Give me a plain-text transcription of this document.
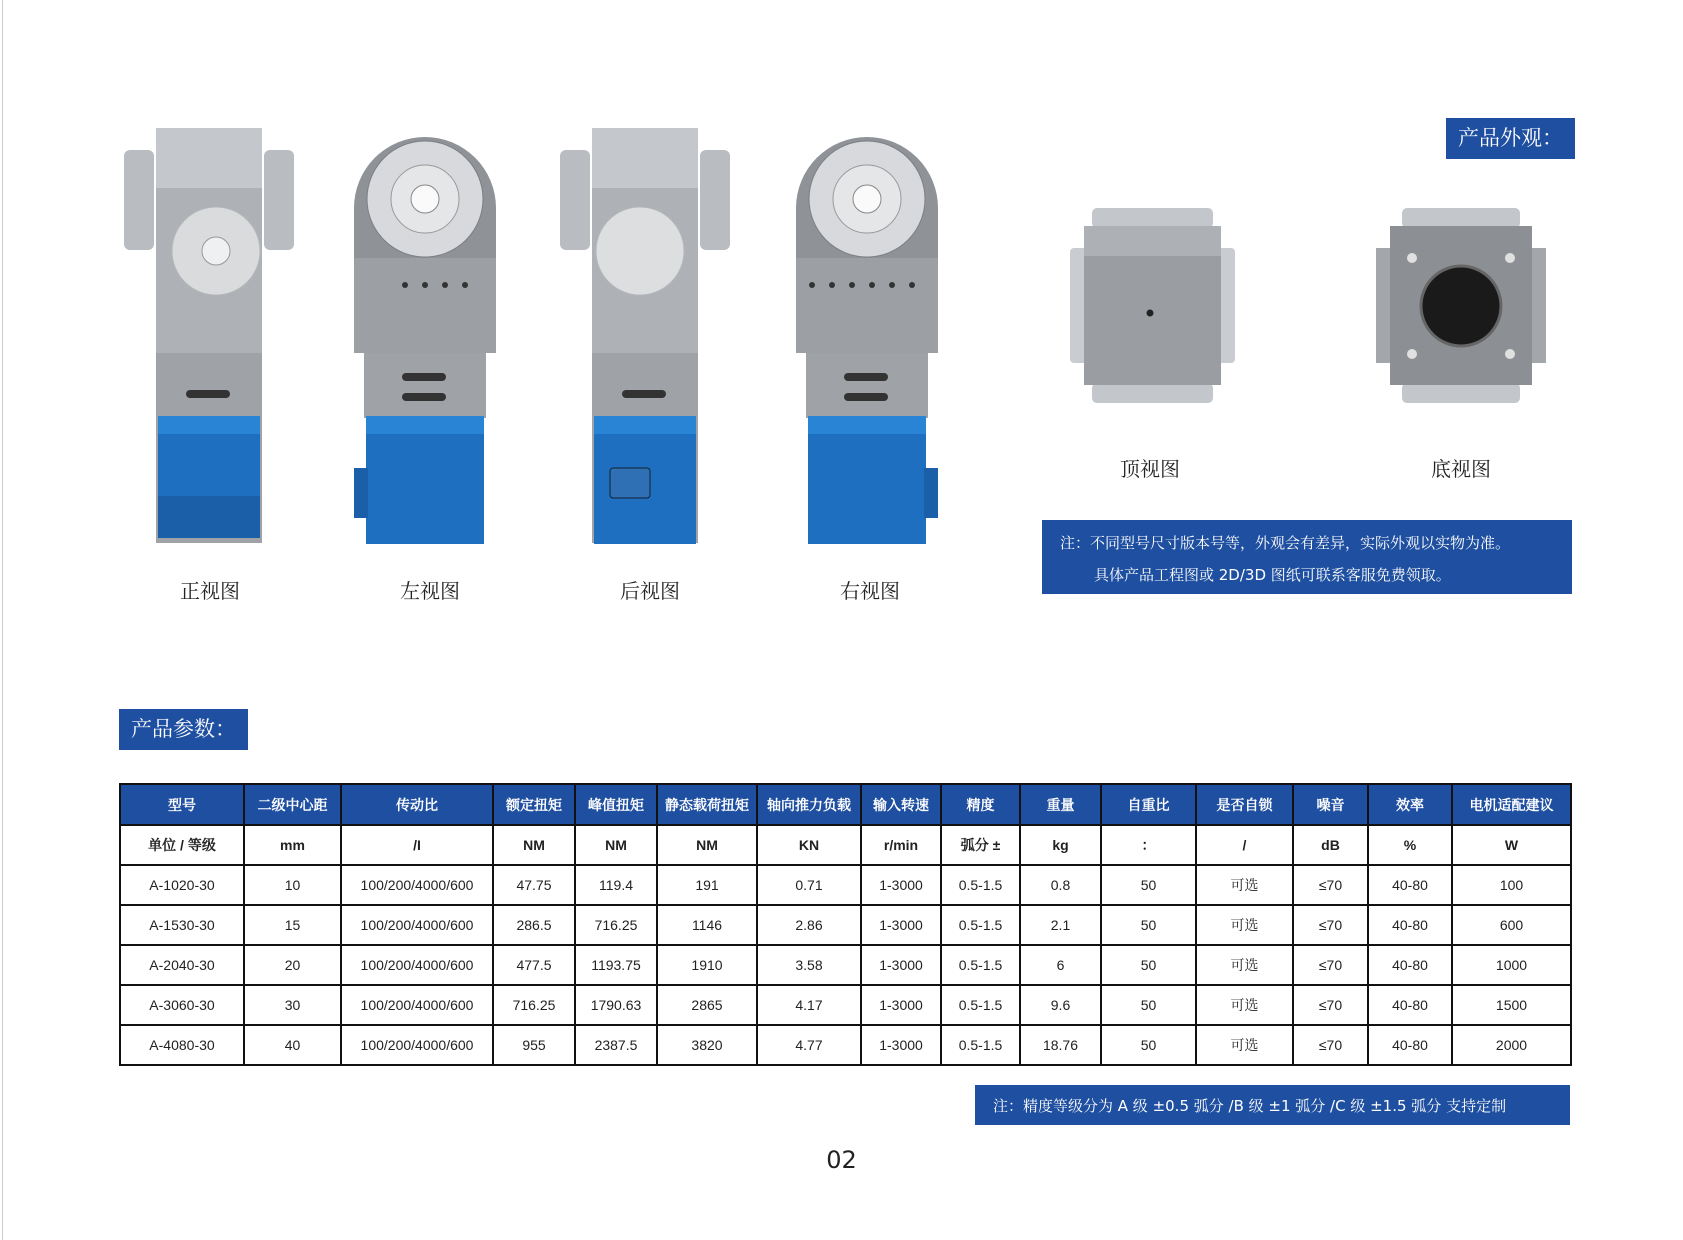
产品外观：
正视图	左视图	后视图	右视图
顶视图	底视图
注：不同型号尺寸版本号等，外观会有差异，实际外观以实物为准。
具体产品工程图或 2D/3D 图纸可联系客服免费领取。
产品参数：
型号	二级中心距	传动比	额定扭矩	峰值扭矩	静态载荷扭矩	轴向推力负载	输入转速	精度	重量	自重比	是否自锁	噪音	效率	电机适配建议
单位 / 等级	mm	/I	NM	NM	NM	KN	r/min	弧分 ±	kg	：	/	dB	%	W
A-1020-30	10	100/200/4000/600	47.75	119.4	191	0.71	1-3000	0.5-1.5	0.8	50	可选	≤70	40-80	100
A-1530-30	15	100/200/4000/600	286.5	716.25	1146	2.86	1-3000	0.5-1.5	2.1	50	可选	≤70	40-80	600
A-2040-30	20	100/200/4000/600	477.5	1193.75	1910	3.58	1-3000	0.5-1.5	6	50	可选	≤70	40-80	1000
A-3060-30	30	100/200/4000/600	716.25	1790.63	2865	4.17	1-3000	0.5-1.5	9.6	50	可选	≤70	40-80	1500
A-4080-30	40	100/200/4000/600	955	2387.5	3820	4.77	1-3000	0.5-1.5	18.76	50	可选	≤70	40-80	2000
注：精度等级分为 A 级 ±0.5 弧分 /B 级 ±1 弧分 /C 级 ±1.5 弧分 支持定制
02
